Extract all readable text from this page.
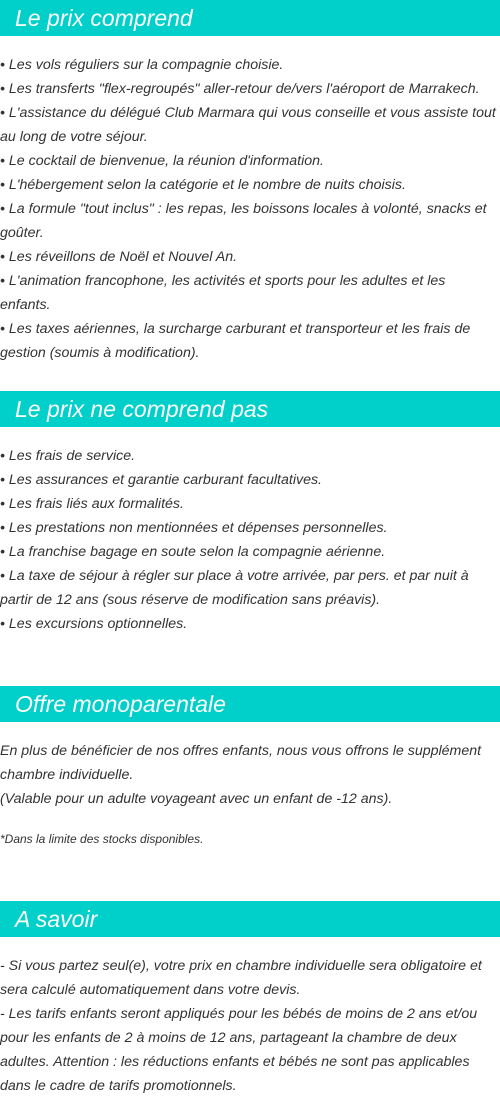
Le prix comprend

• Les vols réguliers sur la compagnie choisie.

• Les transferts "flex-regroupés" aller-retour de/vers l'aéroport de Marrakech.

• L'assistance du délégué Club Marmara qui vous conseille et vous assiste tout au long de votre séjour.

• Le cocktail de bienvenue, la réunion d'information.

• L'hébergement selon la catégorie et le nombre de nuits choisis.

• La formule "tout inclus" : les repas, les boissons locales à volonté, snacks et goûter.

• Les réveillons de Noël et Nouvel An.

• L'animation francophone, les activités et sports pour les adultes et les enfants.

• Les taxes aériennes, la surcharge carburant et transporteur et les frais de gestion (soumis à modification).

Le prix ne comprend pas

• Les frais de service.

• Les assurances et garantie carburant facultatives.

• Les frais liés aux formalités.

• Les prestations non mentionnées et dépenses personnelles.

• La franchise bagage en soute selon la compagnie aérienne.

• La taxe de séjour à régler sur place à votre arrivée, par pers. et par nuit à partir de 12 ans (sous réserve de modification sans préavis).

• Les excursions optionnelles.

Offre monoparentale

En plus de bénéficier de nos offres enfants, nous vous offrons le supplément chambre individuelle.

(Valable pour un adulte voyageant avec un enfant de -12 ans).

*Dans la limite des stocks disponibles.

A savoir

- Si vous partez seul(e), votre prix en chambre individuelle sera obligatoire et sera calculé automatiquement dans votre devis.

- Les tarifs enfants seront appliqués pour les bébés de moins de 2 ans et/ou pour les enfants de 2 à moins de 12 ans, partageant la chambre de deux adultes. Attention : les réductions enfants et bébés ne sont pas applicables dans le cadre de tarifs promotionnels.
